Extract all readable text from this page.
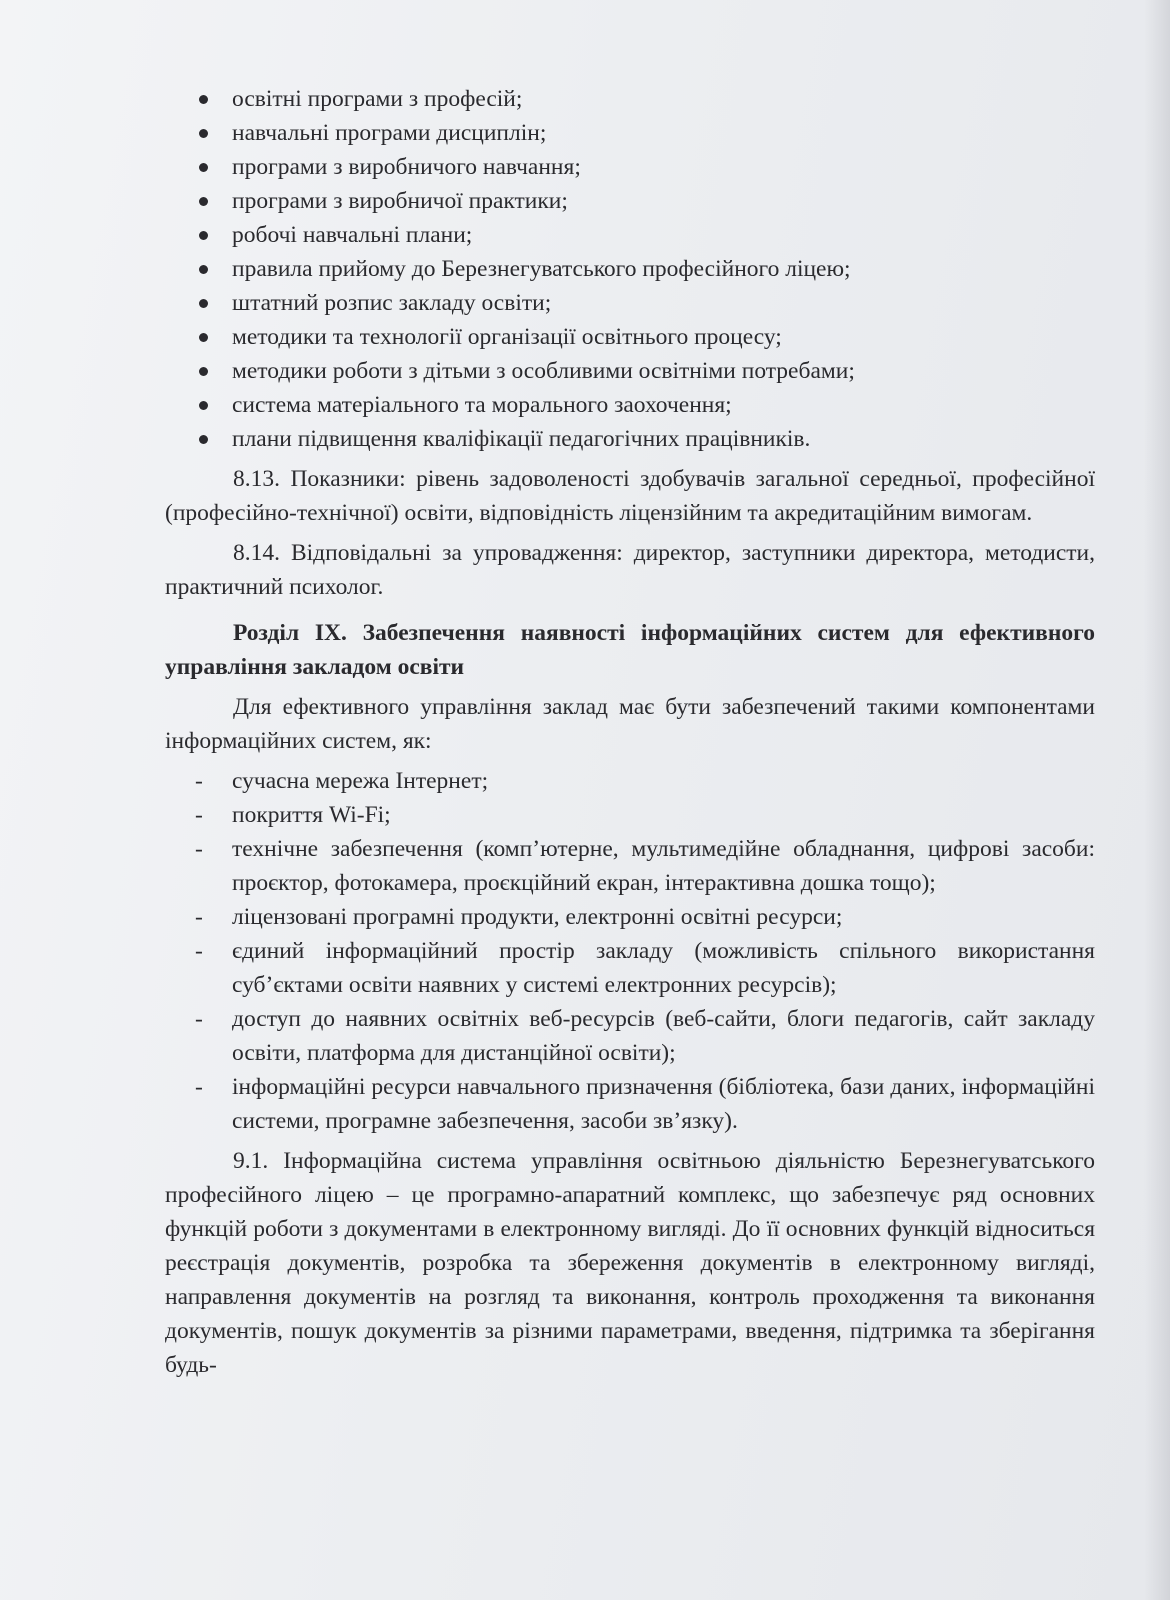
освітні програми з професій;
навчальні програми дисциплін;
програми з виробничого навчання;
програми з виробничої практики;
робочі навчальні плани;
правила прийому до Березнегуватського професійного ліцею;
штатний розпис закладу освіти;
методики та технології організації освітнього процесу;
методики роботи з дітьми з особливими освітніми потребами;
система матеріального та морального заохочення;
плани підвищення кваліфікації педагогічних працівників.

8.13. Показники: рівень задоволеності здобувачів загальної середньої, професійної (професійно-технічної) освіти, відповідність ліцензійним та акредитаційним вимогам.

8.14. Відповідальні за упровадження: директор, заступники директора, методисти, практичний психолог.

Розділ IX. Забезпечення наявності інформаційних систем для ефективного управління закладом освіти

Для ефективного управління заклад має бути забезпечений такими компонентами інформаційних систем, як:

- сучасна мережа Інтернет;
- покриття Wi-Fi;
- технічне забезпечення (комп’ютерне, мультимедійне обладнання, цифрові засоби: проєктор, фотокамера, проєкційний екран, інтерактивна дошка тощо);
- ліцензовані програмні продукти, електронні освітні ресурси;
- єдиний інформаційний простір закладу (можливість спільного використання суб’єктами освіти наявних у системі електронних ресурсів);
- доступ до наявних освітніх веб-ресурсів (веб-сайти, блоги педагогів, сайт закладу освіти, платформа для дистанційної освіти);
- інформаційні ресурси навчального призначення (бібліотека, бази даних, інформаційні системи, програмне забезпечення, засоби зв’язку).

9.1. Інформаційна система управління освітньою діяльністю Березнегуватського професійного ліцею – це програмно-апаратний комплекс, що забезпечує ряд основних функцій роботи з документами в електронному вигляді. До її основних функцій відноситься реєстрація документів, розробка та збереження документів в електронному вигляді, направлення документів на розгляд та виконання, контроль проходження та виконання документів, пошук документів за різними параметрами, введення, підтримка та зберігання будь-
